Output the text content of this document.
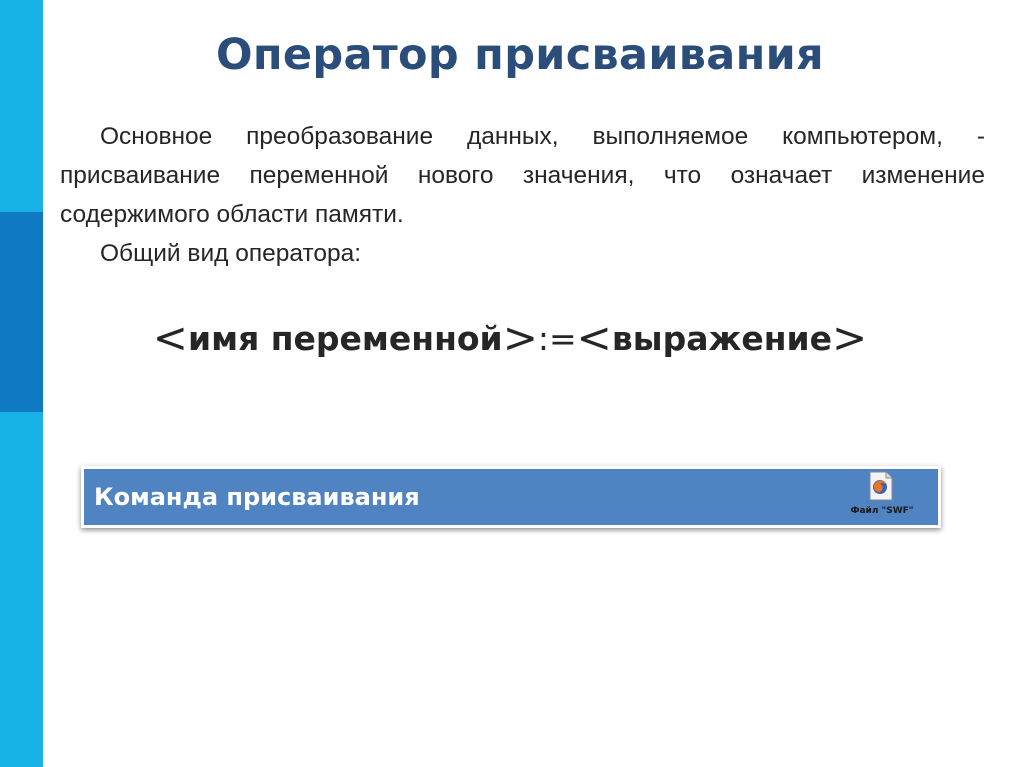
Оператор присваивания
Основное преобразование данных, выполняемое компьютером, - присваивание переменной нового значения, что означает изменение содержимого области памяти.
Общий вид оператора:
<имя переменной>:=<выражение>
Команда присваивания	Файл "SWF"
